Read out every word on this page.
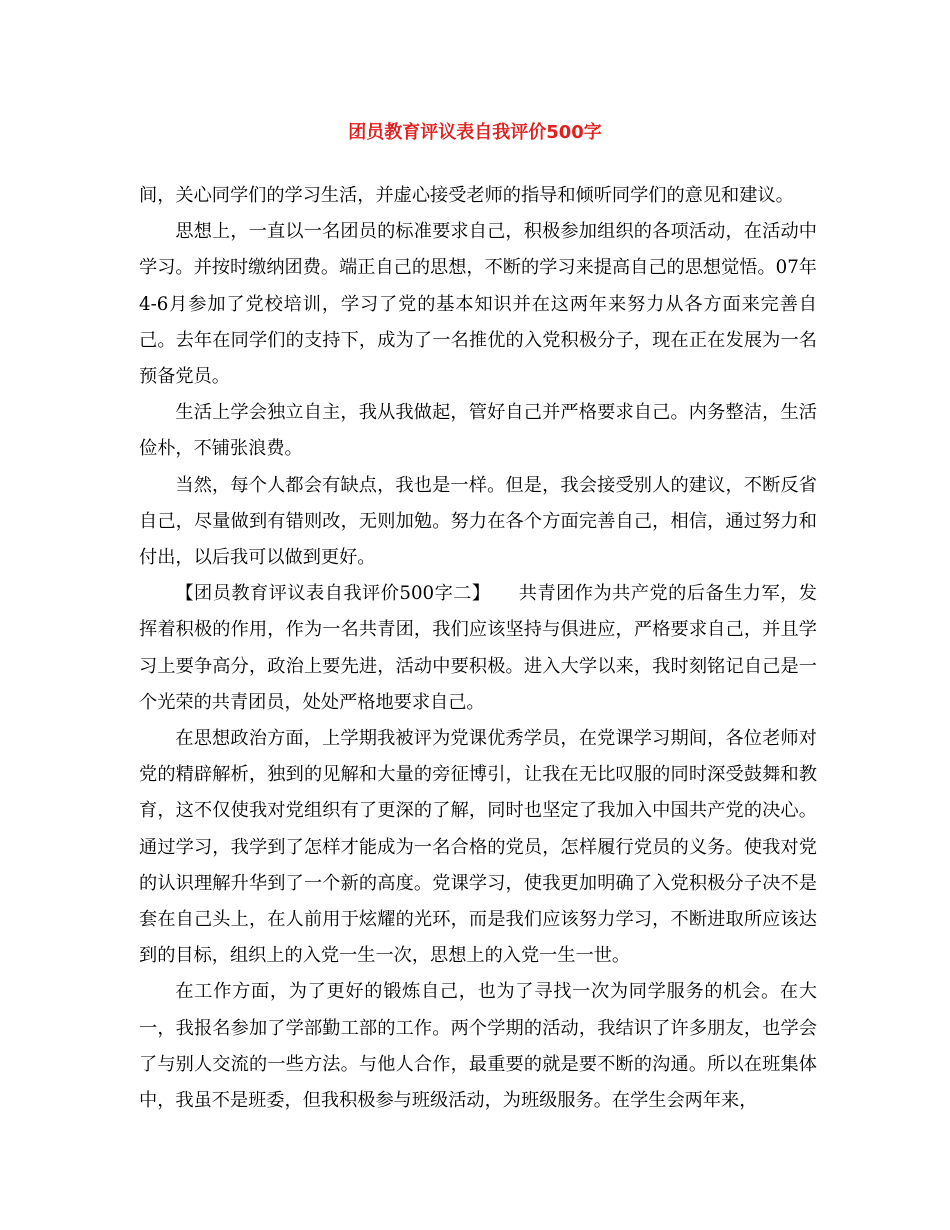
团员教育评议表自我评价500字

间，关心同学们的学习生活，并虚心接受老师的指导和倾听同学们的意见和建议。

思想上，一直以一名团员的标准要求自己，积极参加组织的各项活动，在活动中学习。并按时缴纳团费。端正自己的思想，不断的学习来提高自己的思想觉悟。07年4-6月参加了党校培训，学习了党的基本知识并在这两年来努力从各方面来完善自己。去年在同学们的支持下，成为了一名推优的入党积极分子，现在正在发展为一名预备党员。

生活上学会独立自主，我从我做起，管好自己并严格要求自己。内务整洁，生活俭朴，不铺张浪费。

当然，每个人都会有缺点，我也是一样。但是，我会接受别人的建议，不断反省自己，尽量做到有错则改，无则加勉。努力在各个方面完善自己，相信，通过努力和付出，以后我可以做到更好。

【团员教育评议表自我评价500字二】　　共青团作为共产党的后备生力军，发挥着积极的作用，作为一名共青团，我们应该坚持与俱进应，严格要求自己，并且学习上要争高分，政治上要先进，活动中要积极。进入大学以来，我时刻铭记自己是一个光荣的共青团员，处处严格地要求自己。

在思想政治方面，上学期我被评为党课优秀学员，在党课学习期间，各位老师对党的精辟解析，独到的见解和大量的旁征博引，让我在无比叹服的同时深受鼓舞和教育，这不仅使我对党组织有了更深的了解，同时也坚定了我加入中国共产党的决心。通过学习，我学到了怎样才能成为一名合格的党员，怎样履行党员的义务。使我对党的认识理解升华到了一个新的高度。党课学习，使我更加明确了入党积极分子决不是套在自己头上，在人前用于炫耀的光环，而是我们应该努力学习，不断进取所应该达到的目标，组织上的入党一生一次，思想上的入党一生一世。

在工作方面，为了更好的锻炼自己，也为了寻找一次为同学服务的机会。在大一，我报名参加了学部勤工部的工作。两个学期的活动，我结识了许多朋友，也学会了与别人交流的一些方法。与他人合作，最重要的就是要不断的沟通。所以在班集体中，我虽不是班委，但我积极参与班级活动，为班级服务。在学生会两年来，
